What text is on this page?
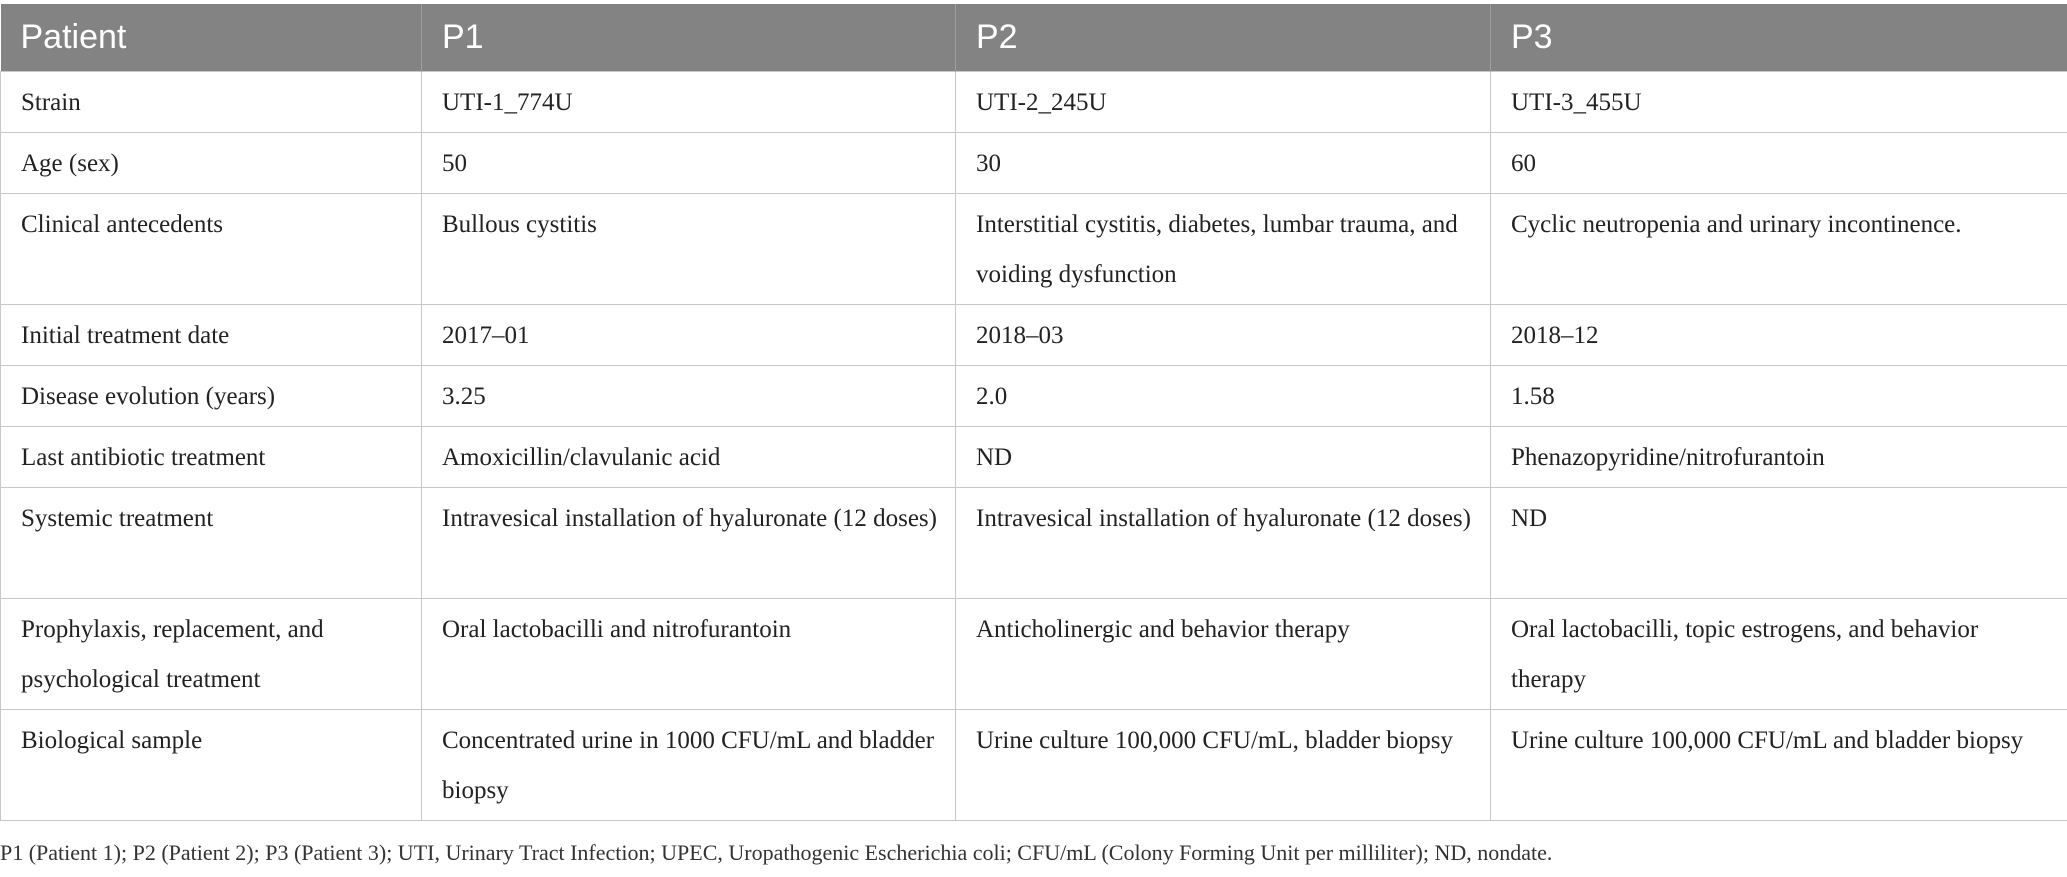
Patient	P1	P2	P3
Strain	UTI-1_774U	UTI-2_245U	UTI-3_455U
Age (sex)	50	30	60
Clinical antecedents	Bullous cystitis	Interstitial cystitis, diabetes, lumbar trauma, and voiding dysfunction	Cyclic neutropenia and urinary incontinence.
Initial treatment date	2017–01	2018–03	2018–12
Disease evolution (years)	3.25	2.0	1.58
Last antibiotic treatment	Amoxicillin/clavulanic acid	ND	Phenazopyridine/nitrofurantoin
Systemic treatment	Intravesical installation of hyaluronate (12 doses)	Intravesical installation of hyaluronate (12 doses)	ND
Prophylaxis, replacement, and psychological treatment	Oral lactobacilli and nitrofurantoin	Anticholinergic and behavior therapy	Oral lactobacilli, topic estrogens, and behavior therapy
Biological sample	Concentrated urine in 1000 CFU/mL and bladder biopsy	Urine culture 100,000 CFU/mL, bladder biopsy	Urine culture 100,000 CFU/mL and bladder biopsy
P1 (Patient 1); P2 (Patient 2); P3 (Patient 3); UTI, Urinary Tract Infection; UPEC, Uropathogenic Escherichia coli; CFU/mL (Colony Forming Unit per milliliter); ND, nondate.
